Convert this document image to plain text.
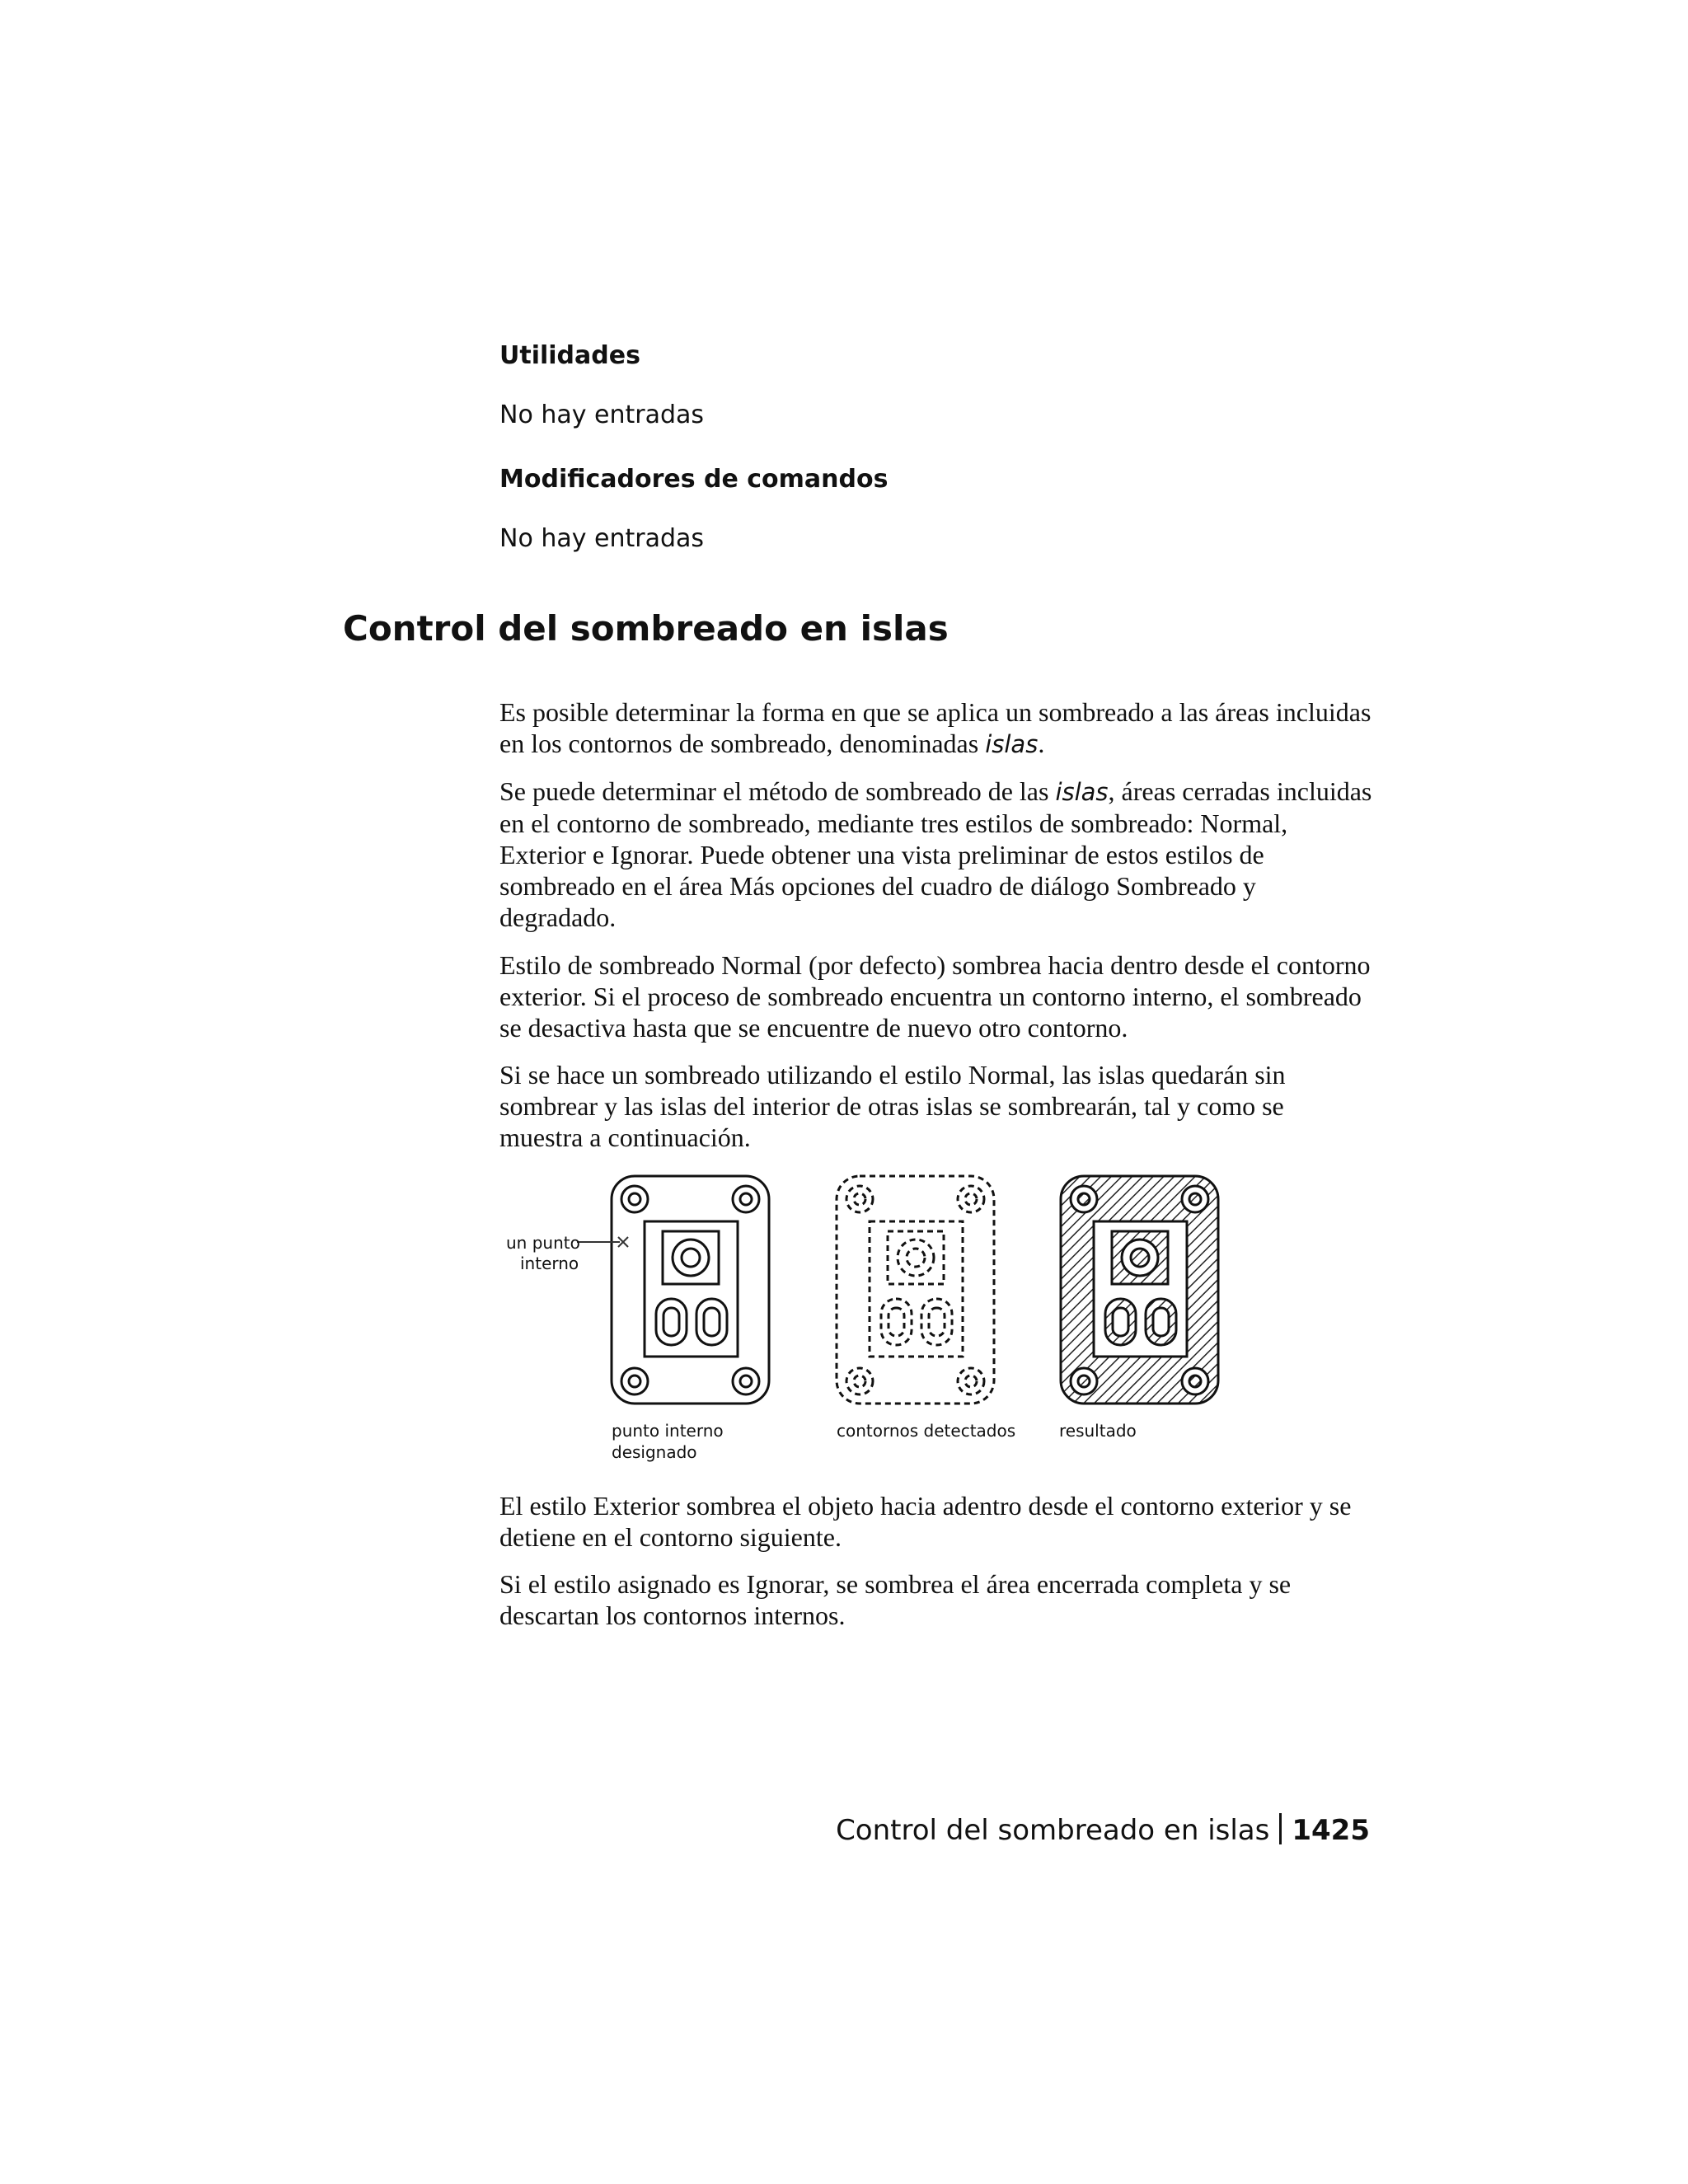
Utilidades
No hay entradas
Modificadores de comandos
No hay entradas
Control del sombreado en islas

Es posible determinar la forma en que se aplica un sombreado a las áreas incluidas en los contornos de sombreado, denominadas islas.

Se puede determinar el método de sombreado de las islas, áreas cerradas incluidas en el contorno de sombreado, mediante tres estilos de sombreado: Normal, Exterior e Ignorar. Puede obtener una vista preliminar de estos estilos de sombreado en el área Más opciones del cuadro de diálogo Sombreado y degradado.

Estilo de sombreado Normal (por defecto) sombrea hacia dentro desde el contorno exterior. Si el proceso de sombreado encuentra un contorno interno, el sombreado se desactiva hasta que se encuentre de nuevo otro contorno.

Si se hace un sombreado utilizando el estilo Normal, las islas quedarán sin sombrear y las islas del interior de otras islas se sombrearán, tal y como se muestra a continuación.

un punto
interno
punto interno
designado
contornos detectados	resultado

El estilo Exterior sombrea el objeto hacia adentro desde el contorno exterior y se detiene en el contorno siguiente.

Si el estilo asignado es Ignorar, se sombrea el área encerrada completa y se descartan los contornos internos.

Control del sombreado en islas 1425
